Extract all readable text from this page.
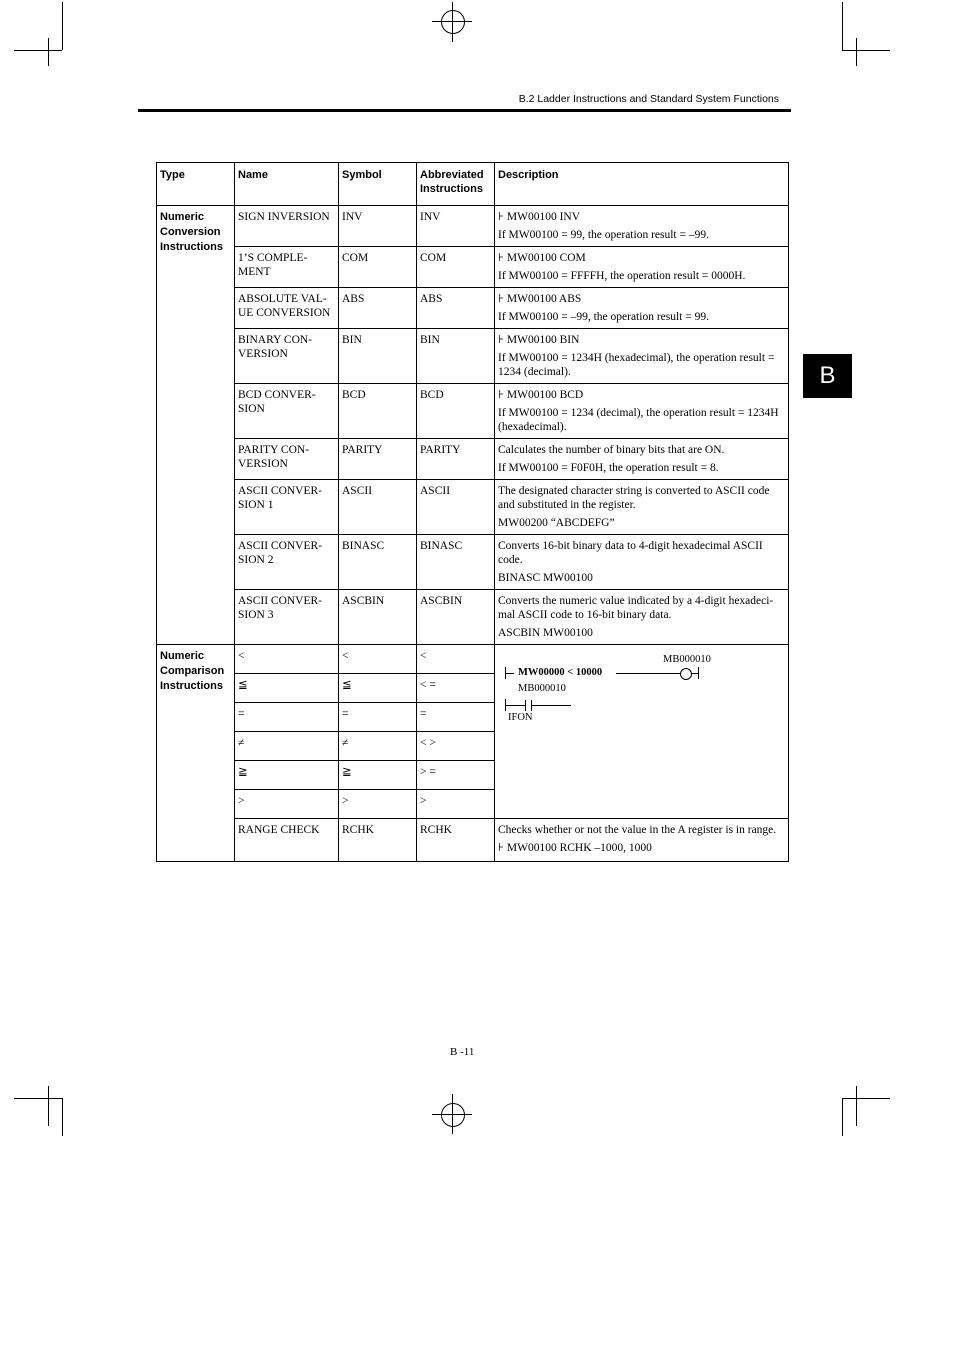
B.2 Ladder Instructions and Standard System Functions
B
Type	Name	Symbol	Abbreviated Instructions	Description
Numeric Conversion Instructions	SIGN INVERSION	INV	INV	⊦ MW00100 INV
If MW00100 = 99, the operation result = –99.

	1’S COMPLE-MENT	COM	COM	⊦ MW00100 COM
If MW00100 = FFFFH, the operation result = 0000H.

	ABSOLUTE VAL-UE CONVERSION	ABS	ABS	⊦ MW00100 ABS
If MW00100 = –99, the operation result = 99.

	BINARY CON-VERSION	BIN	BIN	⊦ MW00100 BIN
If MW00100 = 1234H (hexadecimal), the operation result = 1234 (decimal).

	BCD CONVER-SION	BCD	BCD	⊦ MW00100 BCD
If MW00100 = 1234 (decimal), the operation result = 1234H (hexadecimal).

	PARITY CON-VERSION	PARITY	PARITY	Calculates the number of binary bits that are ON.
If MW00100 = F0F0H, the operation result = 8.

	ASCII CONVER-SION 1	ASCII	ASCII	The designated character string is converted to ASCII code and substituted in the register.
MW00200 “ABCDEFG”

	ASCII CONVER-SION 2	BINASC	BINASC	Converts 16-bit binary data to 4-digit hexadecimal ASCII code.
BINASC MW00100

	ASCII CONVER-SION 3	ASCBIN	ASCBIN	Converts the numeric value indicated by a 4-digit hexadeci-mal ASCII code to 16-bit binary data.
ASCBIN MW00100

Numeric Comparison Instructions	<	<	<	MW00000 < 10000
MB000010
MB000010
IFON

	≦	≦	< =	
	=	=	=	
	≠	≠	< >	
	≧	≧	> =	
	>	>	>	
	RANGE CHECK	RCHK	RCHK	Checks whether or not the value in the A register is in range.
⊦ MW00100 RCHK –1000, 1000
B -11
